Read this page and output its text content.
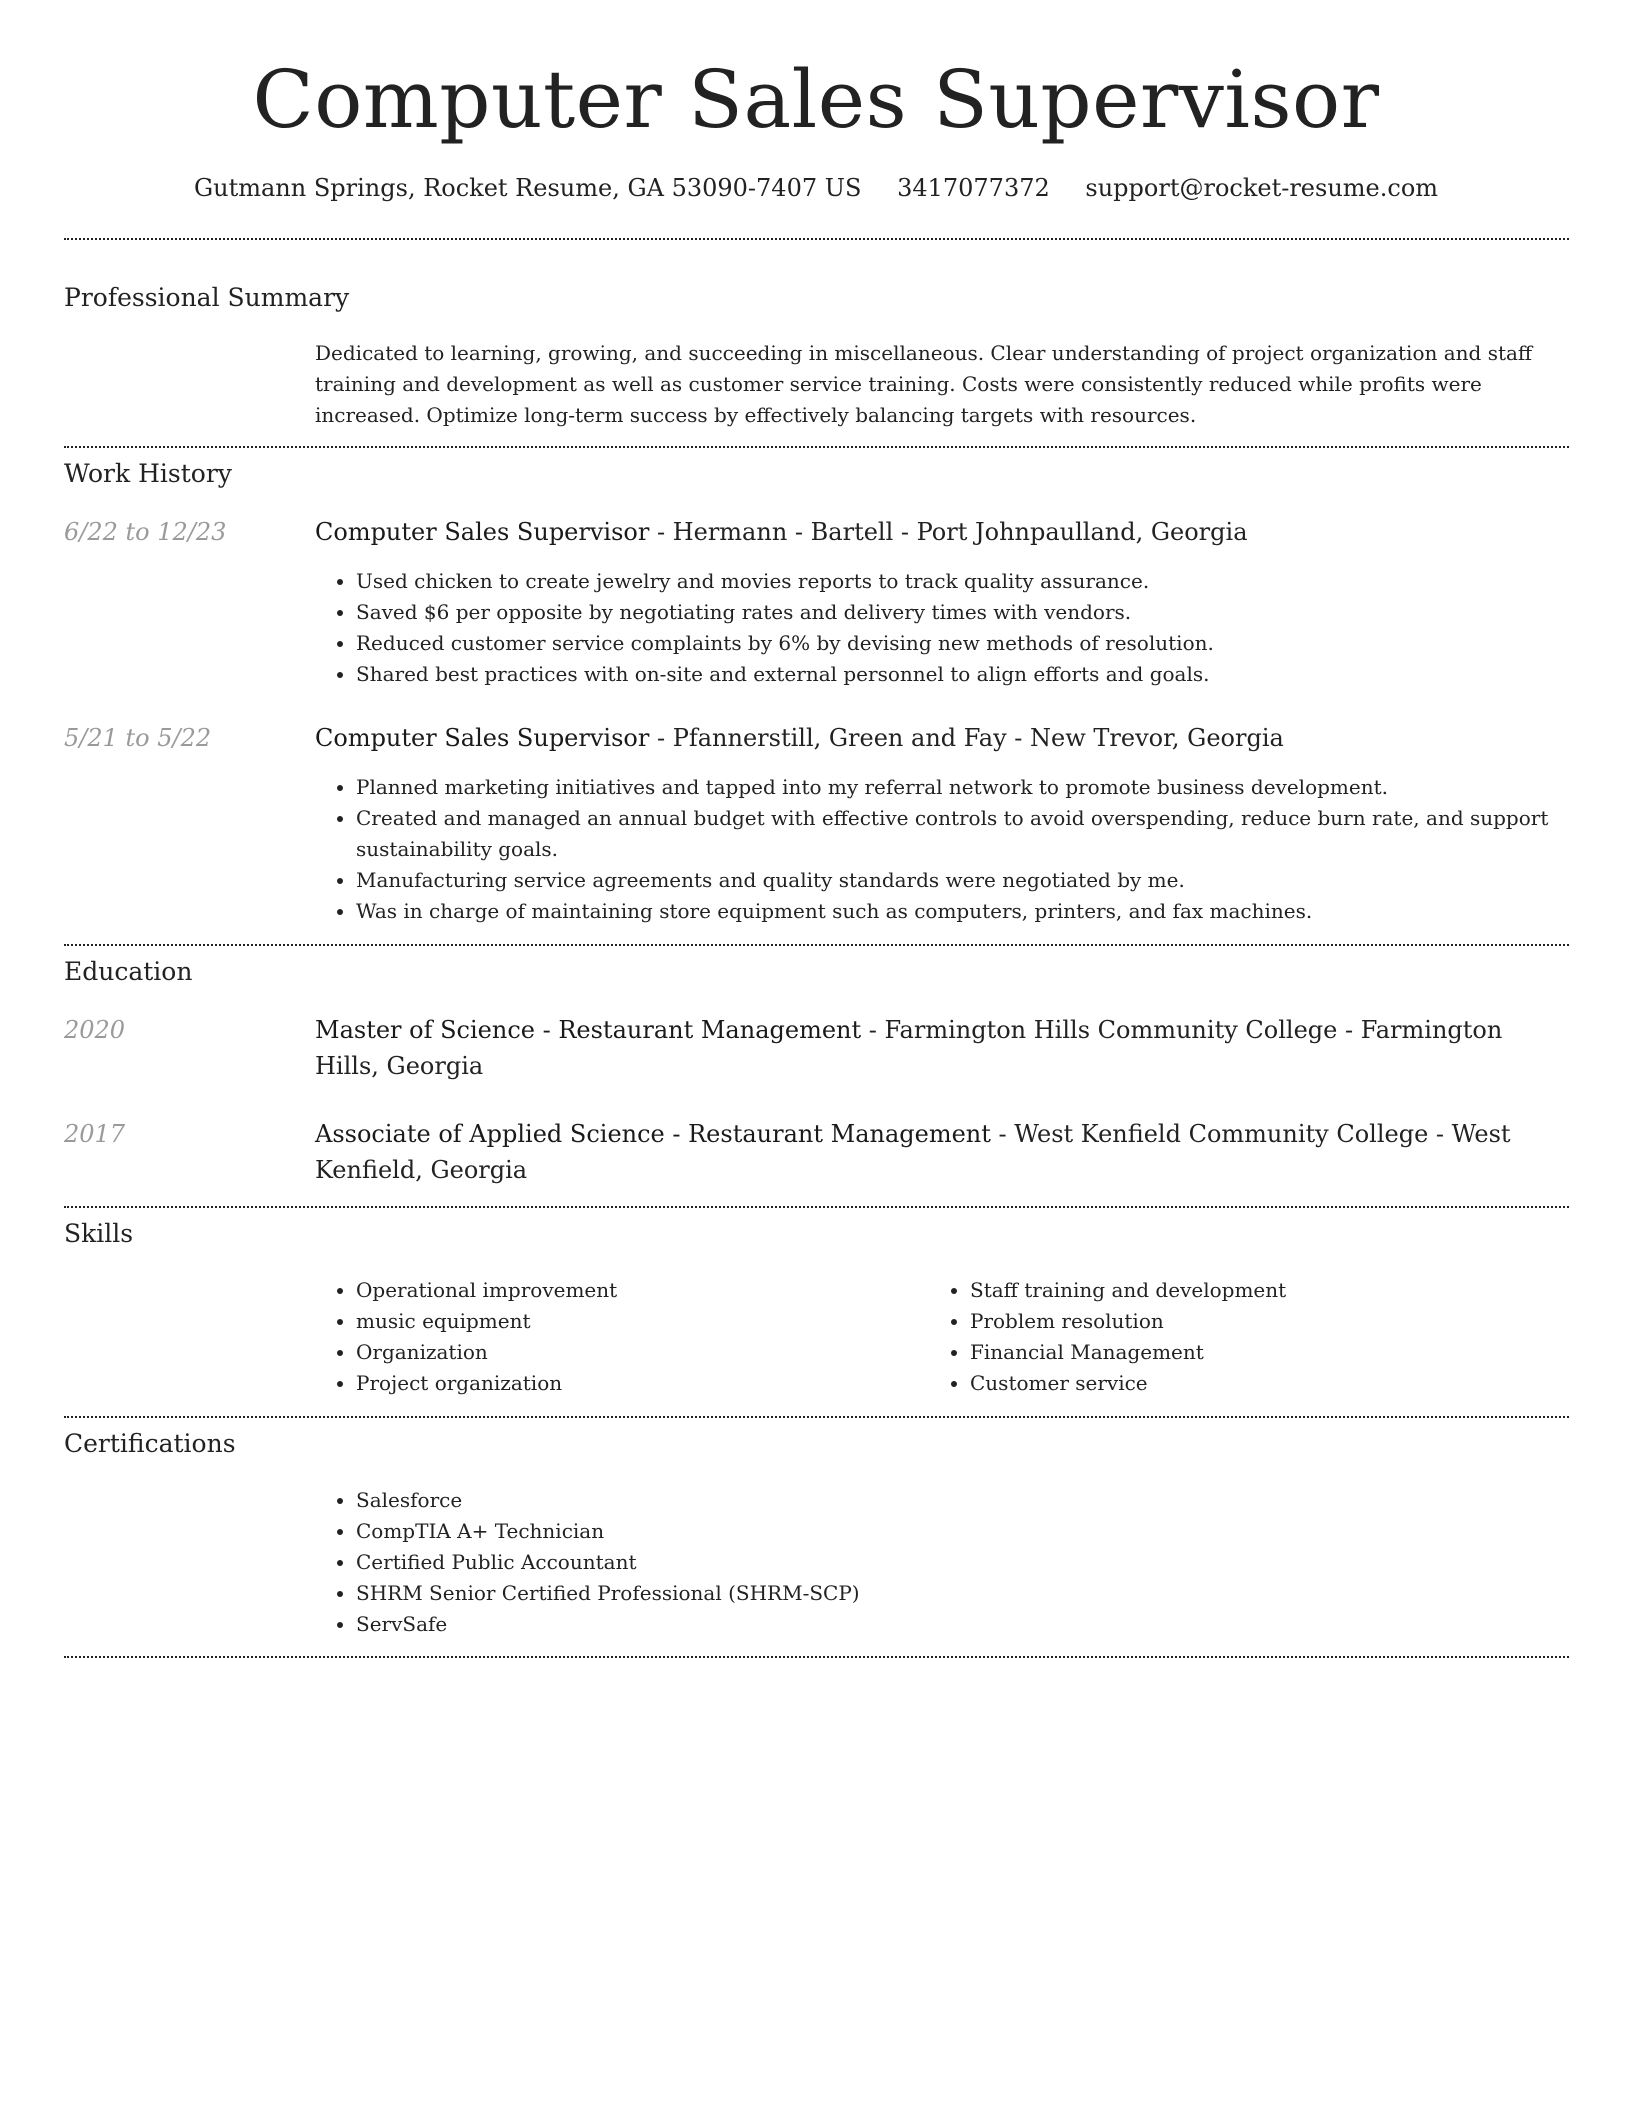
Computer Sales Supervisor
Gutmann Springs, Rocket Resume, GA 53090-7407 US 3417077372 support@rocket-resume.com
Professional Summary
Dedicated to learning, growing, and succeeding in miscellaneous. Clear understanding of project organization and staff training and development as well as customer service training. Costs were consistently reduced while profits were increased. Optimize long-term success by effectively balancing targets with resources.
Work History
6/22 to 12/23	Computer Sales Supervisor - Hermann - Bartell - Port Johnpaulland, Georgia
• Used chicken to create jewelry and movies reports to track quality assurance.
• Saved $6 per opposite by negotiating rates and delivery times with vendors.
• Reduced customer service complaints by 6% by devising new methods of resolution.
• Shared best practices with on-site and external personnel to align efforts and goals.
5/21 to 5/22	Computer Sales Supervisor - Pfannerstill, Green and Fay - New Trevor, Georgia
• Planned marketing initiatives and tapped into my referral network to promote business development.
• Created and managed an annual budget with effective controls to avoid overspending, reduce burn rate, and support sustainability goals.
• Manufacturing service agreements and quality standards were negotiated by me.
• Was in charge of maintaining store equipment such as computers, printers, and fax machines.
Education
2020	Master of Science - Restaurant Management - Farmington Hills Community College - Farmington Hills, Georgia
2017	Associate of Applied Science - Restaurant Management - West Kenfield Community College - West Kenfield, Georgia
Skills
• Operational improvement
• music equipment
• Organization
• Project organization
• Staff training and development
• Problem resolution
• Financial Management
• Customer service
Certifications
• Salesforce
• CompTIA A+ Technician
• Certified Public Accountant
• SHRM Senior Certified Professional (SHRM-SCP)
• ServSafe
